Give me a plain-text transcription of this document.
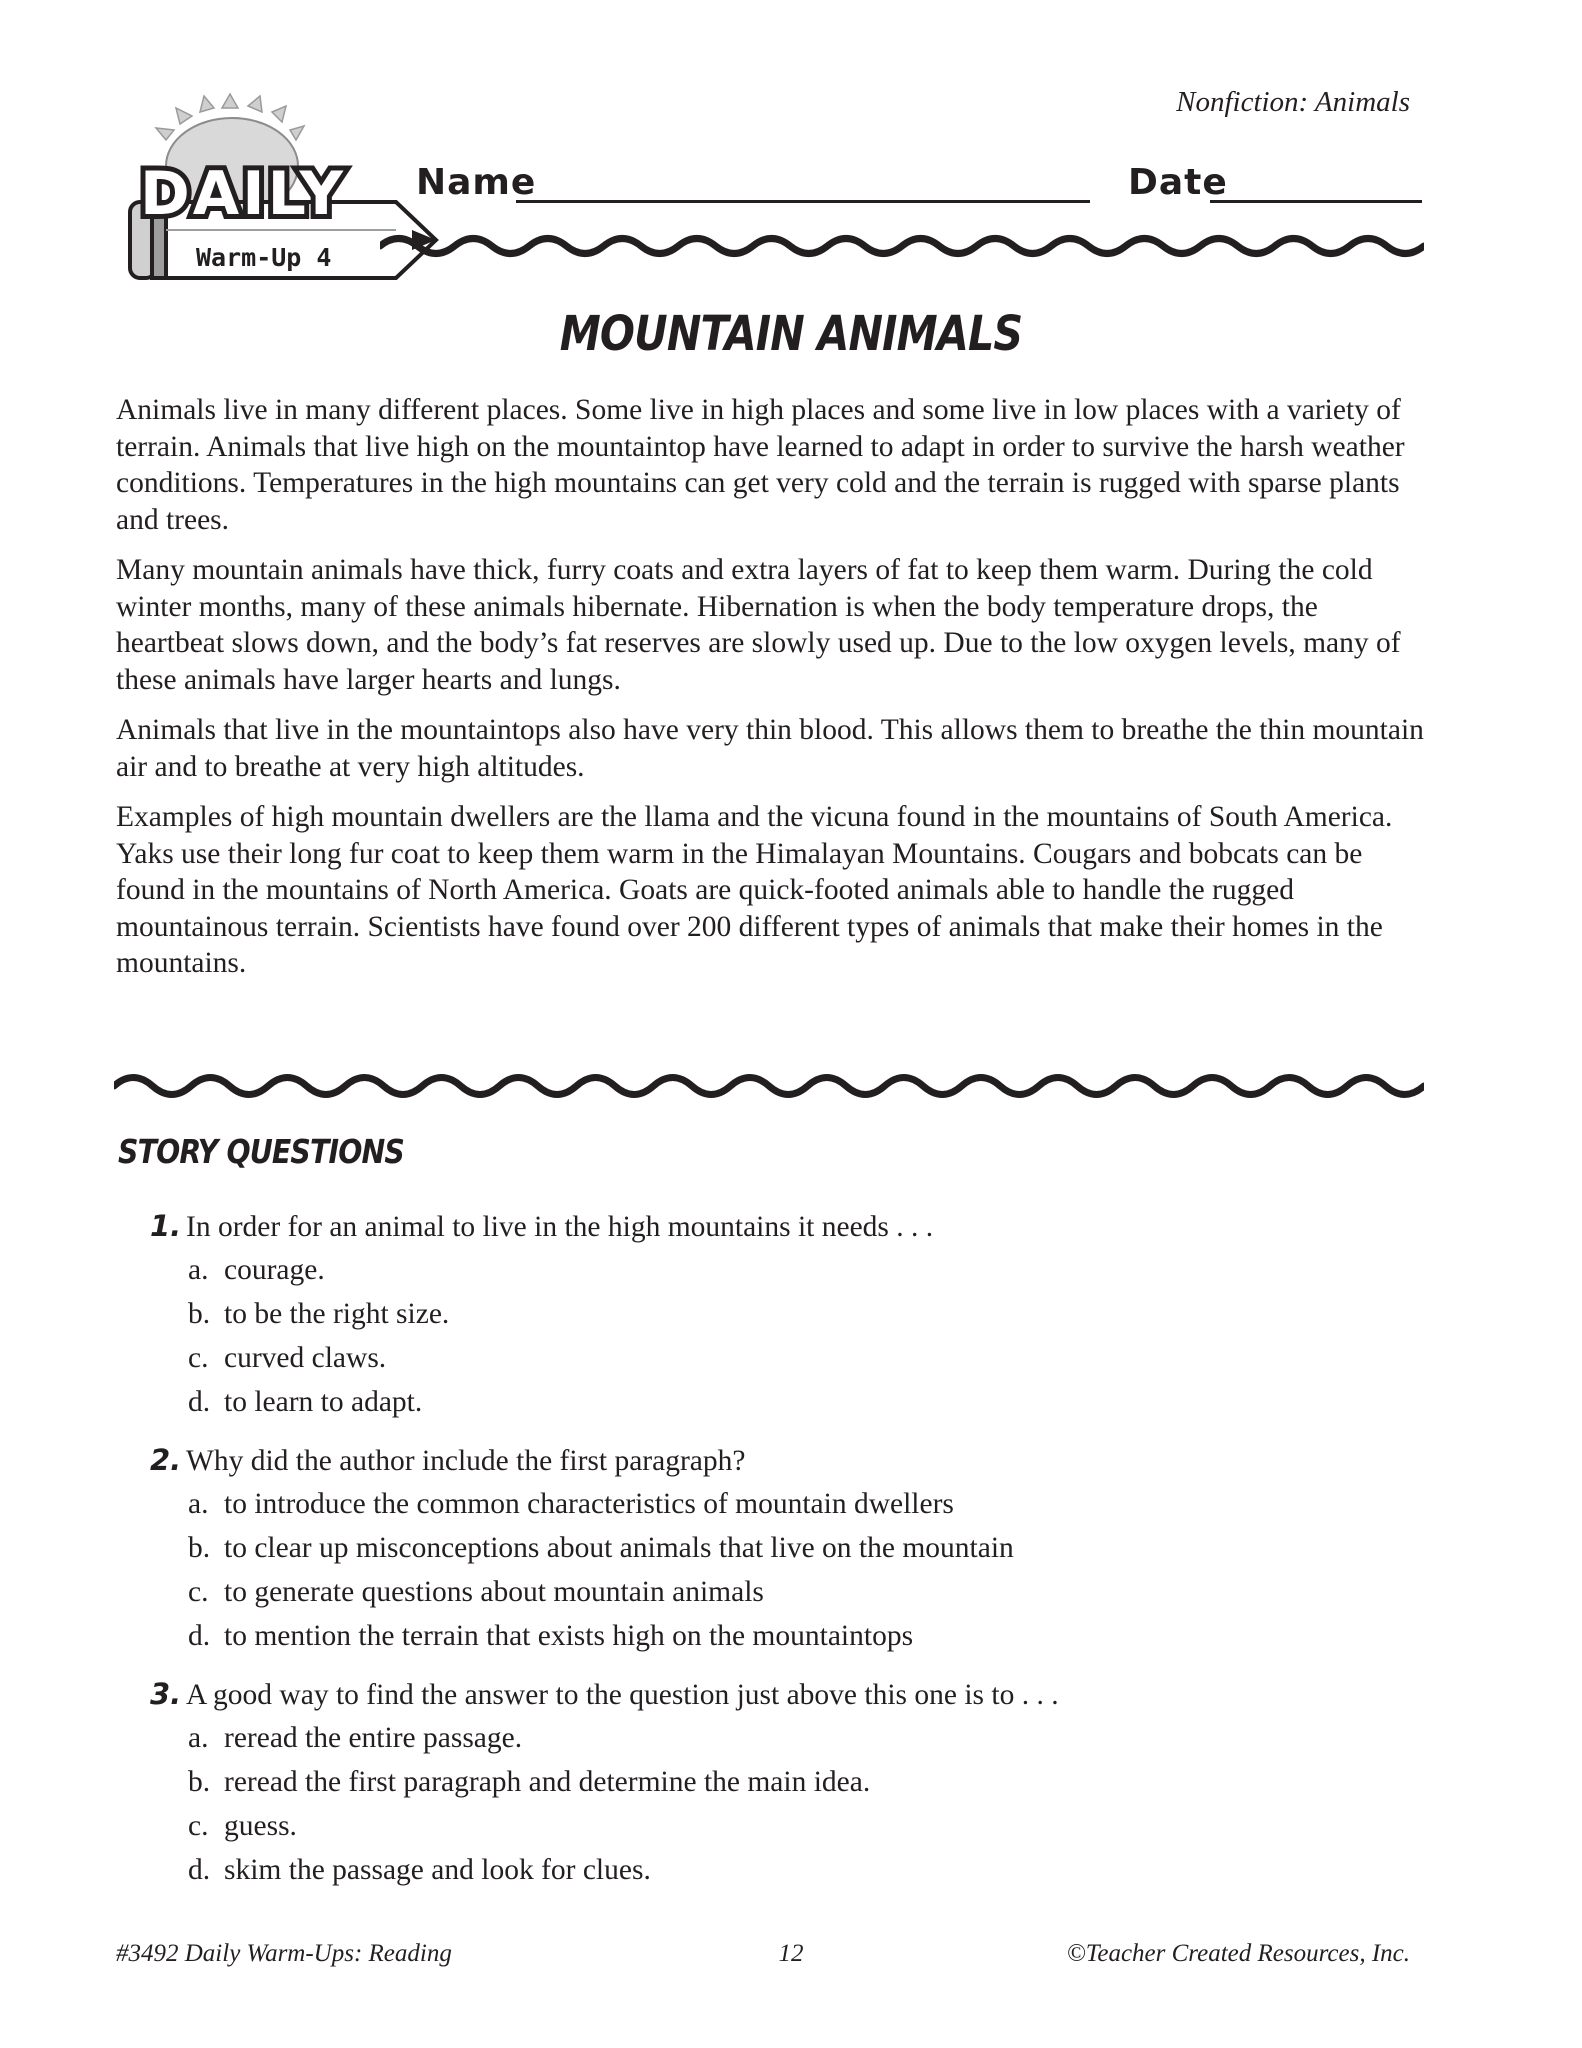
Nonfiction: Animals
DAILY
Warm-Up 4
Name	Date
MOUNTAIN ANIMALS

Animals live in many different places. Some live in high places and some live in low places with a variety of terrain. Animals that live high on the mountaintop have learned to adapt in order to survive the harsh weather conditions. Temperatures in the high mountains can get very cold and the terrain is rugged with sparse plants and trees.

Many mountain animals have thick, furry coats and extra layers of fat to keep them warm. During the cold winter months, many of these animals hibernate. Hibernation is when the body temperature drops, the heartbeat slows down, and the body’s fat reserves are slowly used up. Due to the low oxygen levels, many of these animals have larger hearts and lungs.

Animals that live in the mountaintops also have very thin blood. This allows them to breathe the thin mountain air and to breathe at very high altitudes.

Examples of high mountain dwellers are the llama and the vicuna found in the mountains of South America. Yaks use their long fur coat to keep them warm in the Himalayan Mountains. Cougars and bobcats can be found in the mountains of North America. Goats are quick-footed animals able to handle the rugged mountainous terrain. Scientists have found over 200 different types of animals that make their homes in the mountains.

STORY QUESTIONS
1. In order for an animal to live in the high mountains it needs . . .
a. courage.
b. to be the right size.
c. curved claws.
d. to learn to adapt.
2. Why did the author include the first paragraph?
a. to introduce the common characteristics of mountain dwellers
b. to clear up misconceptions about animals that live on the mountain
c. to generate questions about mountain animals
d. to mention the terrain that exists high on the mountaintops
3. A good way to find the answer to the question just above this one is to . . .
a. reread the entire passage.
b. reread the first paragraph and determine the main idea.
c. guess.
d. skim the passage and look for clues.
#3492 Daily Warm-Ups: Reading	12	©Teacher Created Resources, Inc.
